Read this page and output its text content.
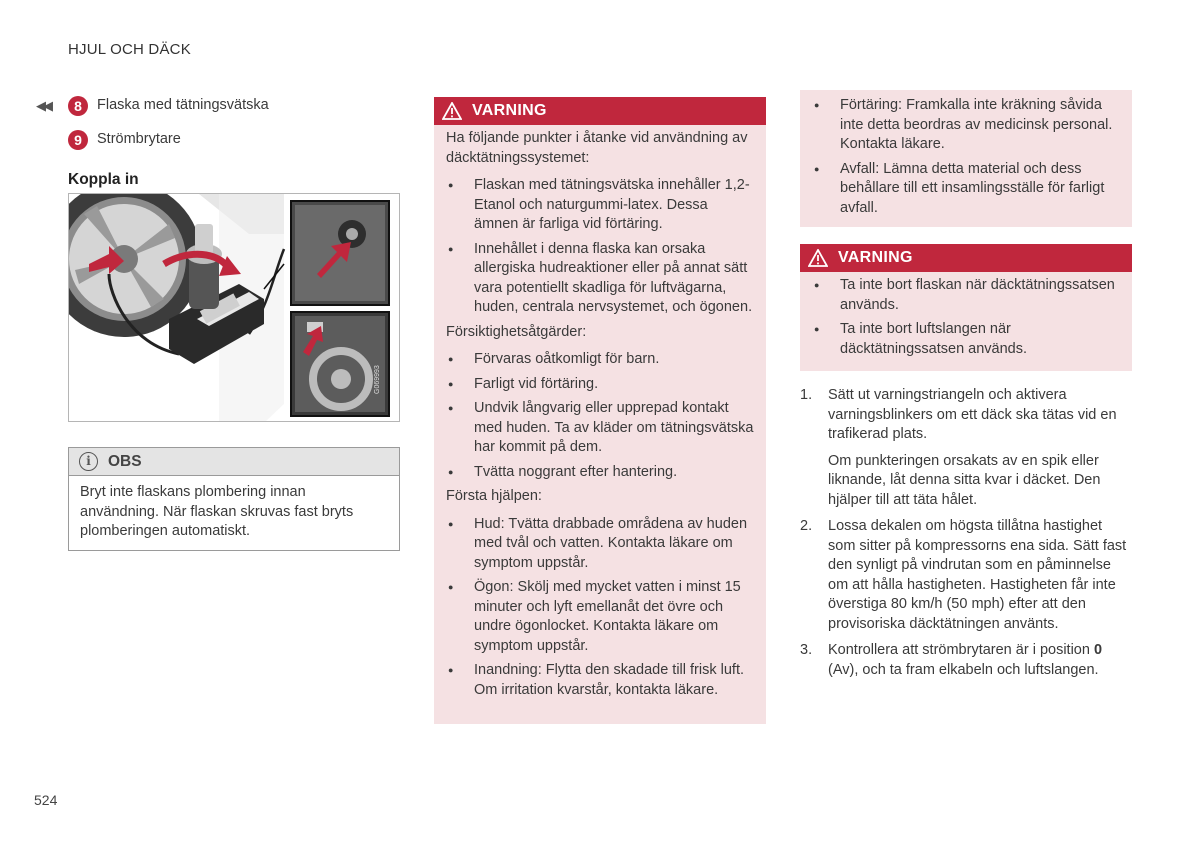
HJUL OCH DÄCK
◀◀	8	Flaska med tätningsvätska
9	Strömbrytare
Koppla in
G069993
i	OBS
Bryt inte flaskans plombering innan användning. När flaskan skruvas fast bryts plomberingen automatiskt.
VARNING

Ha följande punkter i åtanke vid användning av däcktätningssystemet:

● Flaskan med tätningsvätska innehåller 1,2-Etanol och naturgummi-latex. Dessa ämnen är farliga vid förtäring.
● Innehållet i denna flaska kan orsaka allergiska hudreaktioner eller på annat sätt vara potentiellt skadliga för luftvägarna, huden, centrala nervsystemet, och ögonen.

Försiktighetsåtgärder:

● Förvaras oåtkomligt för barn.
● Farligt vid förtäring.
● Undvik långvarig eller upprepad kontakt med huden. Ta av kläder om tätningsvätska har kommit på dem.
● Tvätta noggrant efter hantering.

Första hjälpen:

● Hud: Tvätta drabbade områdena av huden med tvål och vatten. Kontakta läkare om symptom uppstår.
● Ögon: Skölj med mycket vatten i minst 15 minuter och lyft emellanåt det övre och undre ögonlocket. Kontakta läkare om symptom uppstår.
● Inandning: Flytta den skadade till frisk luft. Om irritation kvarstår, kontakta läkare.
● Förtäring: Framkalla inte kräkning såvida inte detta beordras av medicinsk personal. Kontakta läkare.
● Avfall: Lämna detta material och dess behållare till ett insamlingsställe för farligt avfall.
VARNING
● Ta inte bort flaskan när däcktätningssatsen används.
● Ta inte bort luftslangen när däcktätningssatsen används.
1. Sätt ut varningstriangeln och aktivera varningsblinkers om ett däck ska tätas vid en trafikerad plats.

Om punkteringen orsakats av en spik eller liknande, låt denna sitta kvar i däcket. Den hjälper till att täta hålet.

2. Lossa dekalen om högsta tillåtna hastighet som sitter på kompressorns ena sida. Sätt fast den synligt på vindrutan som en påminnelse om att hålla hastigheten. Hastigheten får inte överstiga 80 km/h (50 mph) efter att den provisoriska däcktätningen använts.

3. Kontrollera att strömbrytaren är i position 0 (Av), och ta fram elkabeln och luftslangen.

524
